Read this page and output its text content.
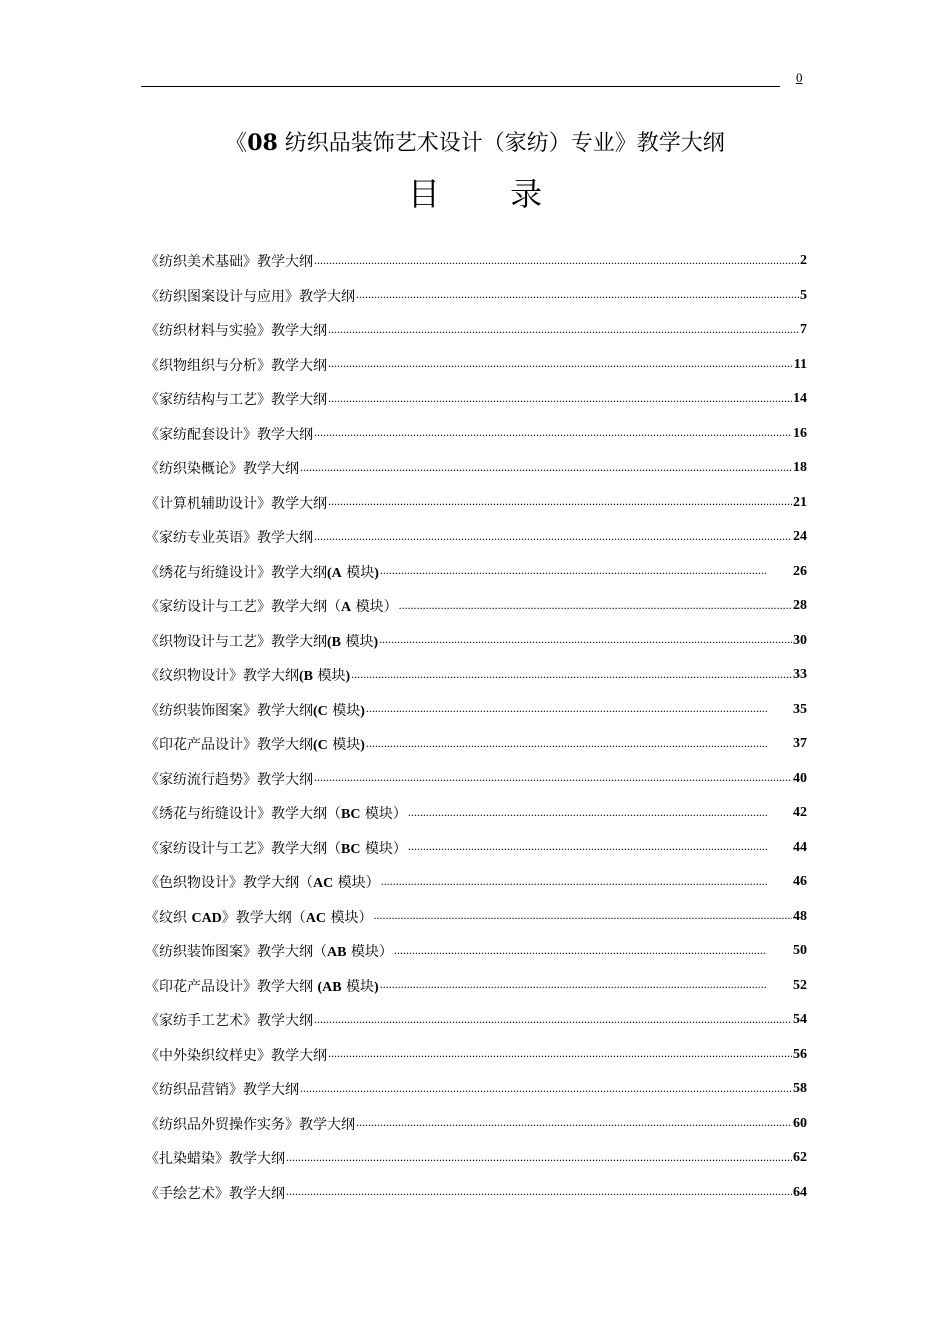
0
《08 纺织品装饰艺术设计（家纺）专业》教学大纲
目 录
《纺织美术基础》教学大纲 .....	2
《纺织图案设计与应用》教学大纲 .....	5
《纺织材料与实验》教学大纲 .....	7
《织物组织与分析》教学大纲 .....	11
《家纺结构与工艺》教学大纲 .....	14
《家纺配套设计》教学大纲 .....	16
《纺织染概论》教学大纲 .....	18
《计算机辅助设计》教学大纲 .....	21
《家纺专业英语》教学大纲 .....	24
《绣花与绗缝设计》教学大纲(A 模块) .....	26
《家纺设计与工艺》教学大纲（A 模块） .....	28
《织物设计与工艺》教学大纲(B 模块) .....	30
《纹织物设计》教学大纲(B 模块) .....	33
《纺织装饰图案》教学大纲(C 模块) .....	35
《印花产品设计》教学大纲(C 模块) .....	37
《家纺流行趋势》教学大纲 .....	40
《绣花与绗缝设计》教学大纲（BC 模块） .....	42
《家纺设计与工艺》教学大纲（BC 模块） .....	44
《色织物设计》教学大纲（AC 模块） .....	46
《纹织 CAD》教学大纲（AC 模块） .....	48
《纺织装饰图案》教学大纲（AB 模块） .....	50
《印花产品设计》教学大纲 (AB 模块) .....	52
《家纺手工艺术》教学大纲 .....	54
《中外染织纹样史》教学大纲 .....	56
《纺织品营销》教学大纲 .....	58
《纺织品外贸操作实务》教学大纲 .....	60
《扎染蜡染》教学大纲 .....	62
《手绘艺术》教学大纲 .....	64
